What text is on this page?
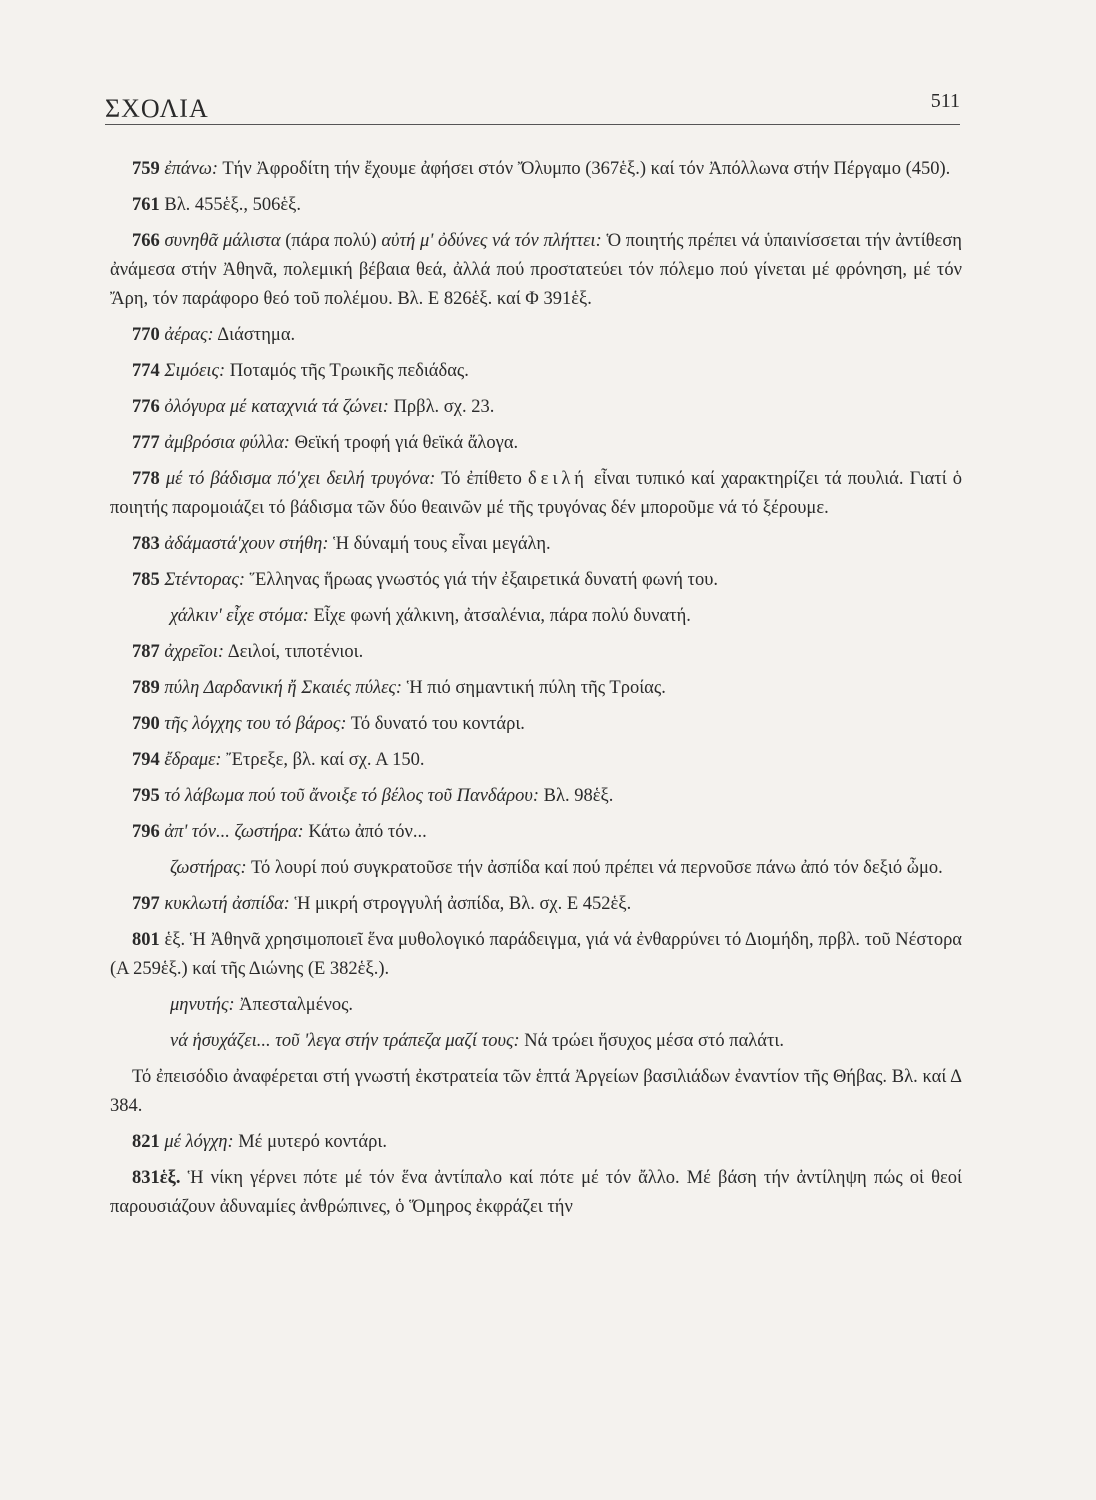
ΣΧΟΛΙΑ	511

759 ἐπάνω: Τήν Ἀφροδίτη τήν ἔχουμε ἀφήσει στόν Ὄλυμπο (367ἑξ.) καί τόν Ἀπόλλωνα στήν Πέργαμο (450).

761 Βλ. 455ἑξ., 506ἑξ.

766 συνηθᾶ μάλιστα (πάρα πολύ) αὐτή μ' ὀδύνες νά τόν πλήττει: Ὁ ποιητής πρέπει νά ὑπαινίσσεται τήν ἀντίθεση ἀνάμεσα στήν Ἀθηνᾶ, πολεμική βέβαια θεά, ἀλλά πού προστατεύει τόν πόλεμο πού γίνεται μέ φρόνηση, μέ τόν Ἄρη, τόν παράφορο θεό τοῦ πολέμου. Βλ. Ε 826ἑξ. καί Φ 391ἑξ.

770 ἀέρας: Διάστημα.

774 Σιμόεις: Ποταμός τῆς Τρωικῆς πεδιάδας.

776 ὀλόγυρα μέ καταχνιά τά ζώνει: Πρβλ. σχ. 23.

777 ἀμβρόσια φύλλα: Θεϊκή τροφή γιά θεϊκά ἄλογα.

778 μέ τό βάδισμα πό'χει δειλή τρυγόνα: Τό ἐπίθετο δειλή εἶναι τυπικό καί χαρακτηρίζει τά πουλιά. Γιατί ὁ ποιητής παρομοιάζει τό βάδισμα τῶν δύο θεαινῶν μέ τῆς τρυγόνας δέν μποροῦμε νά τό ξέρουμε.

783 ἀδάμαστά'χουν στήθη: Ἡ δύναμή τους εἶναι μεγάλη.

785 Στέντορας: Ἕλληνας ἥρωας γνωστός γιά τήν ἐξαιρετικά δυνατή φωνή του.

χάλκιν' εἶχε στόμα: Εἶχε φωνή χάλκινη, ἀτσαλένια, πάρα πολύ δυνατή.

787 ἀχρεῖοι: Δειλοί, τιποτένιοι.

789 πύλη Δαρδανική ἤ Σκαιές πύλες: Ἡ πιό σημαντική πύλη τῆς Τροίας.

790 τῆς λόγχης του τό βάρος: Τό δυνατό του κοντάρι.

794 ἔδραμε: Ἔτρεξε, βλ. καί σχ. Α 150.

795 τό λάβωμα πού τοῦ ἄνοιξε τό βέλος τοῦ Πανδάρου: Βλ. 98ἑξ.

796 ἀπ' τόν... ζωστήρα: Κάτω ἀπό τόν...

ζωστήρας: Τό λουρί πού συγκρατοῦσε τήν ἀσπίδα καί πού πρέπει νά περνοῦσε πάνω ἀπό τόν δεξιό ὦμο.

797 κυκλωτή ἀσπίδα: Ἡ μικρή στρογγυλή ἀσπίδα, Βλ. σχ. Ε 452ἑξ.

801 ἑξ. Ἡ Ἀθηνᾶ χρησιμοποιεῖ ἕνα μυθολογικό παράδειγμα, γιά νά ἐνθαρρύνει τό Διομήδη, πρβλ. τοῦ Νέστορα (Α 259ἑξ.) καί τῆς Διώνης (Ε 382ἑξ.).

μηνυτής: Ἀπεσταλμένος.

νά ἡσυχάζει... τοῦ 'λεγα στήν τράπεζα μαζί τους: Νά τρώει ἥσυχος μέσα στό παλάτι.

Τό ἐπεισόδιο ἀναφέρεται στή γνωστή ἐκστρατεία τῶν ἑπτά Ἀργείων βασιλιάδων ἐναντίον τῆς Θήβας. Βλ. καί Δ 384.

821 μέ λόγχη: Μέ μυτερό κοντάρι.

831ἑξ. Ἡ νίκη γέρνει πότε μέ τόν ἕνα ἀντίπαλο καί πότε μέ τόν ἄλλο. Μέ βάση τήν ἀντίληψη πώς οἱ θεοί παρουσιάζουν ἀδυναμίες ἀνθρώπινες, ὁ Ὅμηρος ἐκφράζει τήν
